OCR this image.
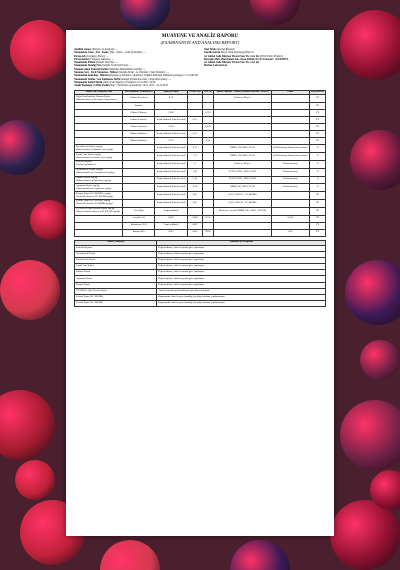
MUAYENE VE ANALİZ RAPORU
(EXAMINATION AND ANALYSIS REPORT)
Analizin Amacı (Purpose of Analysis): —
Numunenin Cinsi - Adı - Kodu (Type - Name - Code of Sample): —
Firma Adı (Company Name): —
Firma Adresi (Company Address): —
Numunenin Etiketi (Sample Seal No): —
Numunenin Alındığı Yer (Sample Collected From): —
Numune Alma Yöntemi/Tarihi (Sampling Method/Date and By): —
Numune Seri - Parti Numarası / Miktar (Sample Serial - Lot Number / Seal Number): —
Numunenin Ambalajı / Miktarı (Packing of Samples / Quantity): Orijinal Ambalajı (Original packages) / 2 x 1000 ml
Numunenin Teslim / Son Kullanma Tarihi (Sample Production Date / Expiration Date): —
Numunenin Kabul Tarihi (Date of Acceptance of Sample): 18.11.2015 14:34
Analiz Başlangıç ve Bitiş Tarihi (Start - End Dates of Analysis): 18.11.2015 - 24.11.2015
Özel Terek (Special Request)
Tanıtık Formu Meyve Özlü Zeytinyağı Hücresi
A1 Global Gıda Dünyası Ticaret San. Tic. Ltd. Şti. (Firm/Other Product)
Barsoğlu Mah. Harbiyemiz Sok. Siyan B Blok No:4/1 Esenyurt - İSTANBUL
A1 Global Gıda Dünyası Ticaret San. Tic. Ltd. Şti.
Merkez Laboratuvar
Analiz Adı (Analysis) Unit	Alt Parametre (Parameter)	Sonuç (Result)	LOD/LOQ	Ü.B. (±)	Analiz Yöntemi - Cihazı (Analysis Method - Device)	Limit	Değ. Kriteri

Yağın Renklendirici Vitamin Tayini
(Determination of the Sugar Composition)	Fruktoz (Fructose)	8,59			Şırdan ve Meyve		UY

	Fruktoz						UY

	Glikoz (Glucose)	21,89		0,736			UY

	Laktoz (Lactose)	Tespit edilmedi (Not detected)	0,01				UY

	Sukroz (Sucrose)	12,63		0,329			UY

	Maltoz (Maltose)	Tespit edilmedi (Not detected)	0,01				UY

	Maltoz (Maltose)	23,23		0,54			UY

Benzoik Asit Tayini, mg/kg
(Determination of benzoic acid mg/kg)		Tespit edilmedi (Not detected)	4,17		NMKL 124: HPLC DAD	Belirlenmemiş (Should not contain)	U

Sorbik Asit Tayini, mg/kg
(Determination of Sorbic Acid mg/kg)		Tespit edilmedi (Not detected)	7,72		NMKL 124: HPLC DAD	Belirlenmemiş (Should not contain)	U

Sentetik Boyalar
(Colouring Matters)		Tespit edilmedi (Not detected)	5,7		Şırdan ve Meyve	Belirlenmemiş	U

Asesülfam K Tayini, mg/kg
(Determination of Acesulfame K mg/kg)		Tespit edilmedi (Not detected)	3,43		TS EN 12856 - HPLC DAD	Belirlenmemiş	U

Sakarin Tayini, mg/kg
(Determination of Saccharin mg/kg)		Tespit edilmedi (Not detected)	5,14		TS EN 12856 - HPLC DAD	Belirlenmemiş	U

Aspartam Tayini, mg/kg
(Determination of Aspartame mg/kg)		Tespit edilmedi (Not detected)	8,34		NMKL 141: HPLC DAD	Belirlenmemiş	U

Kurşun Tayini (GC MS/MS), mg/kg
(Pesticide Analysis GC MS/MS mg/kg)		Tespit edilmedi (Not detected)	0,01		AOAC 2007.01 - GC MS/MS		UY

Pestisit Tayini (LC MS/MS), mg/kg
(Pesticide Analysis LC MS/MS mg/kg)		Tespit edilmedi (Not detected)	0,01		AOAC 2007.01 - LC MS/MS		UY

ICP-MS ile Ağır Element Tayini, mg/kg
(Heavy element analysis with ICP-MS mg/kg)	Civa (Hg)	Tespit edilmedi			Merkezi ve metod (NMKL 186 : 2007) - ICP MS		UY

	Arsenik (As)	0,010	0,008	97,31		0,020	UY

	Kadmiyum (Cd)	Tespit edilmedi	0,007				UY

	Kurşun (Pb)	0,013	0,007	99,05		0,05	UY
Analiz (Analysis)	Açıklama (Description)
Sentetik Boyalar	Değerlendirme, etiket beyanına göre yapılmıştır.
Asesülfam K Tayini	Değerlendirme, etiket beyanına göre yapılmıştır.
Benzoik Asit Tayini	Değerlendirme, etiket beyanına göre yapılmıştır.
Sorbik Asit Tayini	Değerlendirme, etiket beyanına göre yapılmıştır.
Sakarin Tayini	Değerlendirme, etiket beyanına göre yapılmıştır.
Aspartam Tayini	Değerlendirme, etiket beyanına göre yapılmıştır.
Kurşun Tayini	Değerlendirme, etiket beyanına göre yapılmıştır.
ICP-MS ile Ağır Element Tayini	Analiz sonuçları gıda kurallarına göre düzenlenmiştir.
Pestisit Tayini (GC MS/MS)	Kapsamında etiket beyanı olmadığı için değerlendirme yapılmamıştır.
Pestisit Tayini (LC MS/MS)	Kapsamında etiket beyanı olmadığı için değerlendirme yapılmamıştır.
